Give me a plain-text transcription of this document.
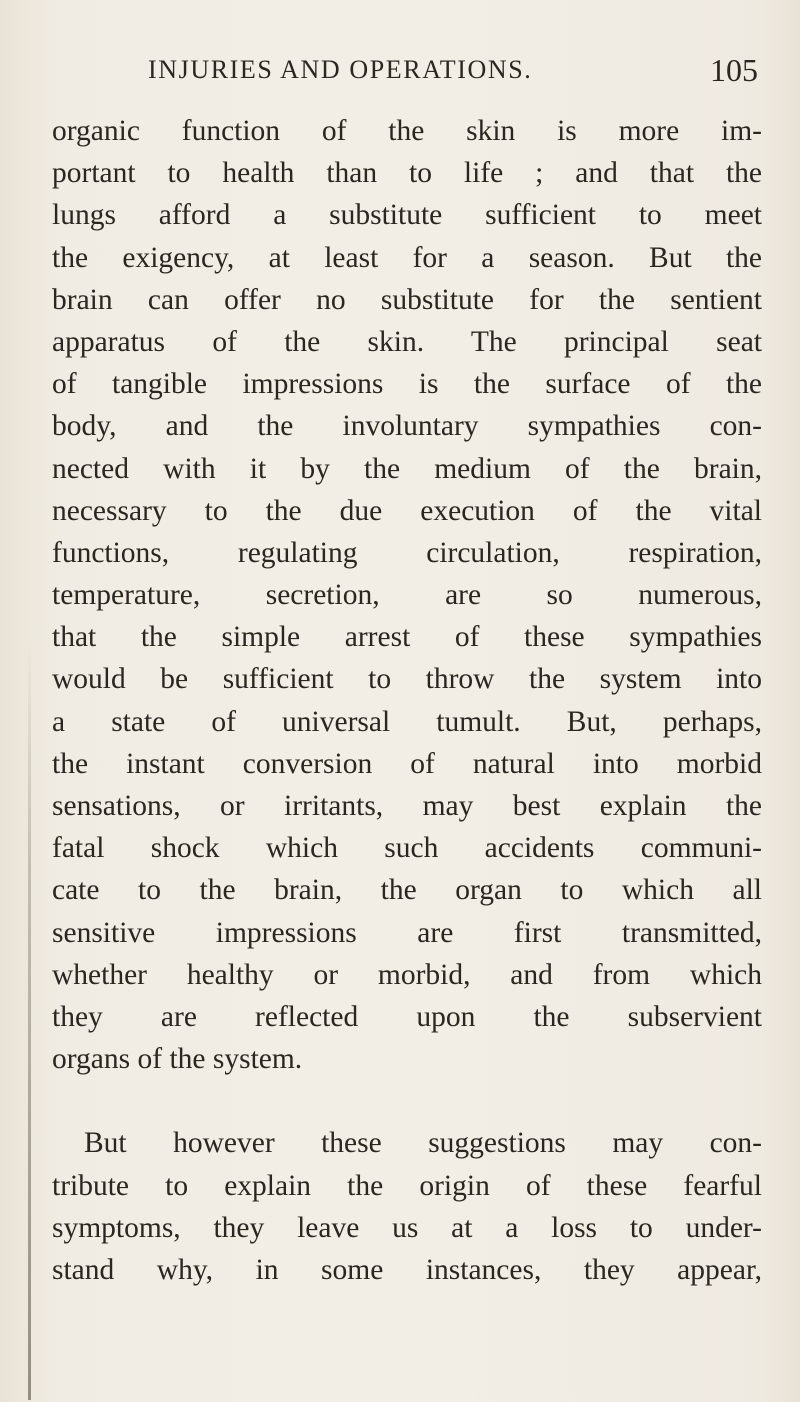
INJURIES AND OPERATIONS.	105
organic function of the skin is more im-
portant to health than to life ; and that the
lungs afford a substitute sufficient to meet
the exigency, at least for a season. But the
brain can offer no substitute for the sentient
apparatus of the skin. The principal seat
of tangible impressions is the surface of the
body, and the involuntary sympathies con-
nected with it by the medium of the brain,
necessary to the due execution of the vital
functions, regulating circulation, respiration,
temperature, secretion, are so numerous,
that the simple arrest of these sympathies
would be sufficient to throw the system into
a state of universal tumult. But, perhaps,
the instant conversion of natural into morbid
sensations, or irritants, may best explain the
fatal shock which such accidents communi-
cate to the brain, the organ to which all
sensitive impressions are first transmitted,
whether healthy or morbid, and from which
they are reflected upon the subservient
organs of the system.
But however these suggestions may con-
tribute to explain the origin of these fearful
symptoms, they leave us at a loss to under-
stand why, in some instances, they appear,
